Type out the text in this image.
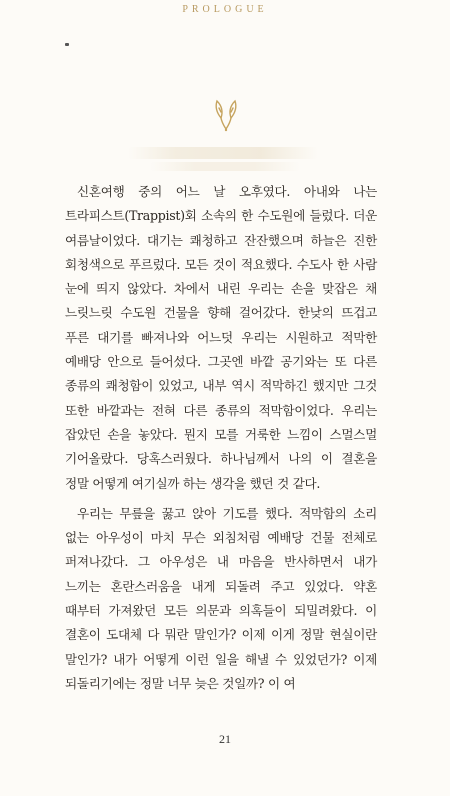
PROLOGUE

신혼여행 중의 어느 날 오후였다. 아내와 나는 트라피스트(Trappist)회 소속의 한 수도원에 들렀다. 더운 여름날이었다. 대기는 쾌청하고 잔잔했으며 하늘은 진한 회청색으로 푸르렀다. 모든 것이 적요했다. 수도사 한 사람 눈에 띄지 않았다. 차에서 내린 우리는 손을 맞잡은 채 느릿느릿 수도원 건물을 향해 걸어갔다. 한낮의 뜨겁고 푸른 대기를 빠져나와 어느덧 우리는 시원하고 적막한 예배당 안으로 들어섰다. 그곳엔 바깥 공기와는 또 다른 종류의 쾌청함이 있었고, 내부 역시 적막하긴 했지만 그것 또한 바깥과는 전혀 다른 종류의 적막함이었다. 우리는 잡았던 손을 놓았다. 뭔지 모를 거룩한 느낌이 스멀스멀 기어올랐다. 당혹스러웠다. 하나님께서 나의 이 결혼을 정말 어떻게 여기실까 하는 생각을 했던 것 같다.

우리는 무릎을 꿇고 앉아 기도를 했다. 적막함의 소리 없는 아우성이 마치 무슨 외침처럼 예배당 건물 전체로 퍼져나갔다. 그 아우성은 내 마음을 반사하면서 내가 느끼는 혼란스러움을 내게 되돌려 주고 있었다. 약혼 때부터 가져왔던 모든 의문과 의혹들이 되밀려왔다. 이 결혼이 도대체 다 뭐란 말인가? 이제 이게 정말 현실이란 말인가? 내가 어떻게 이런 일을 해낼 수 있었던가? 이제 되돌리기에는 정말 너무 늦은 것일까? 이 여

21
